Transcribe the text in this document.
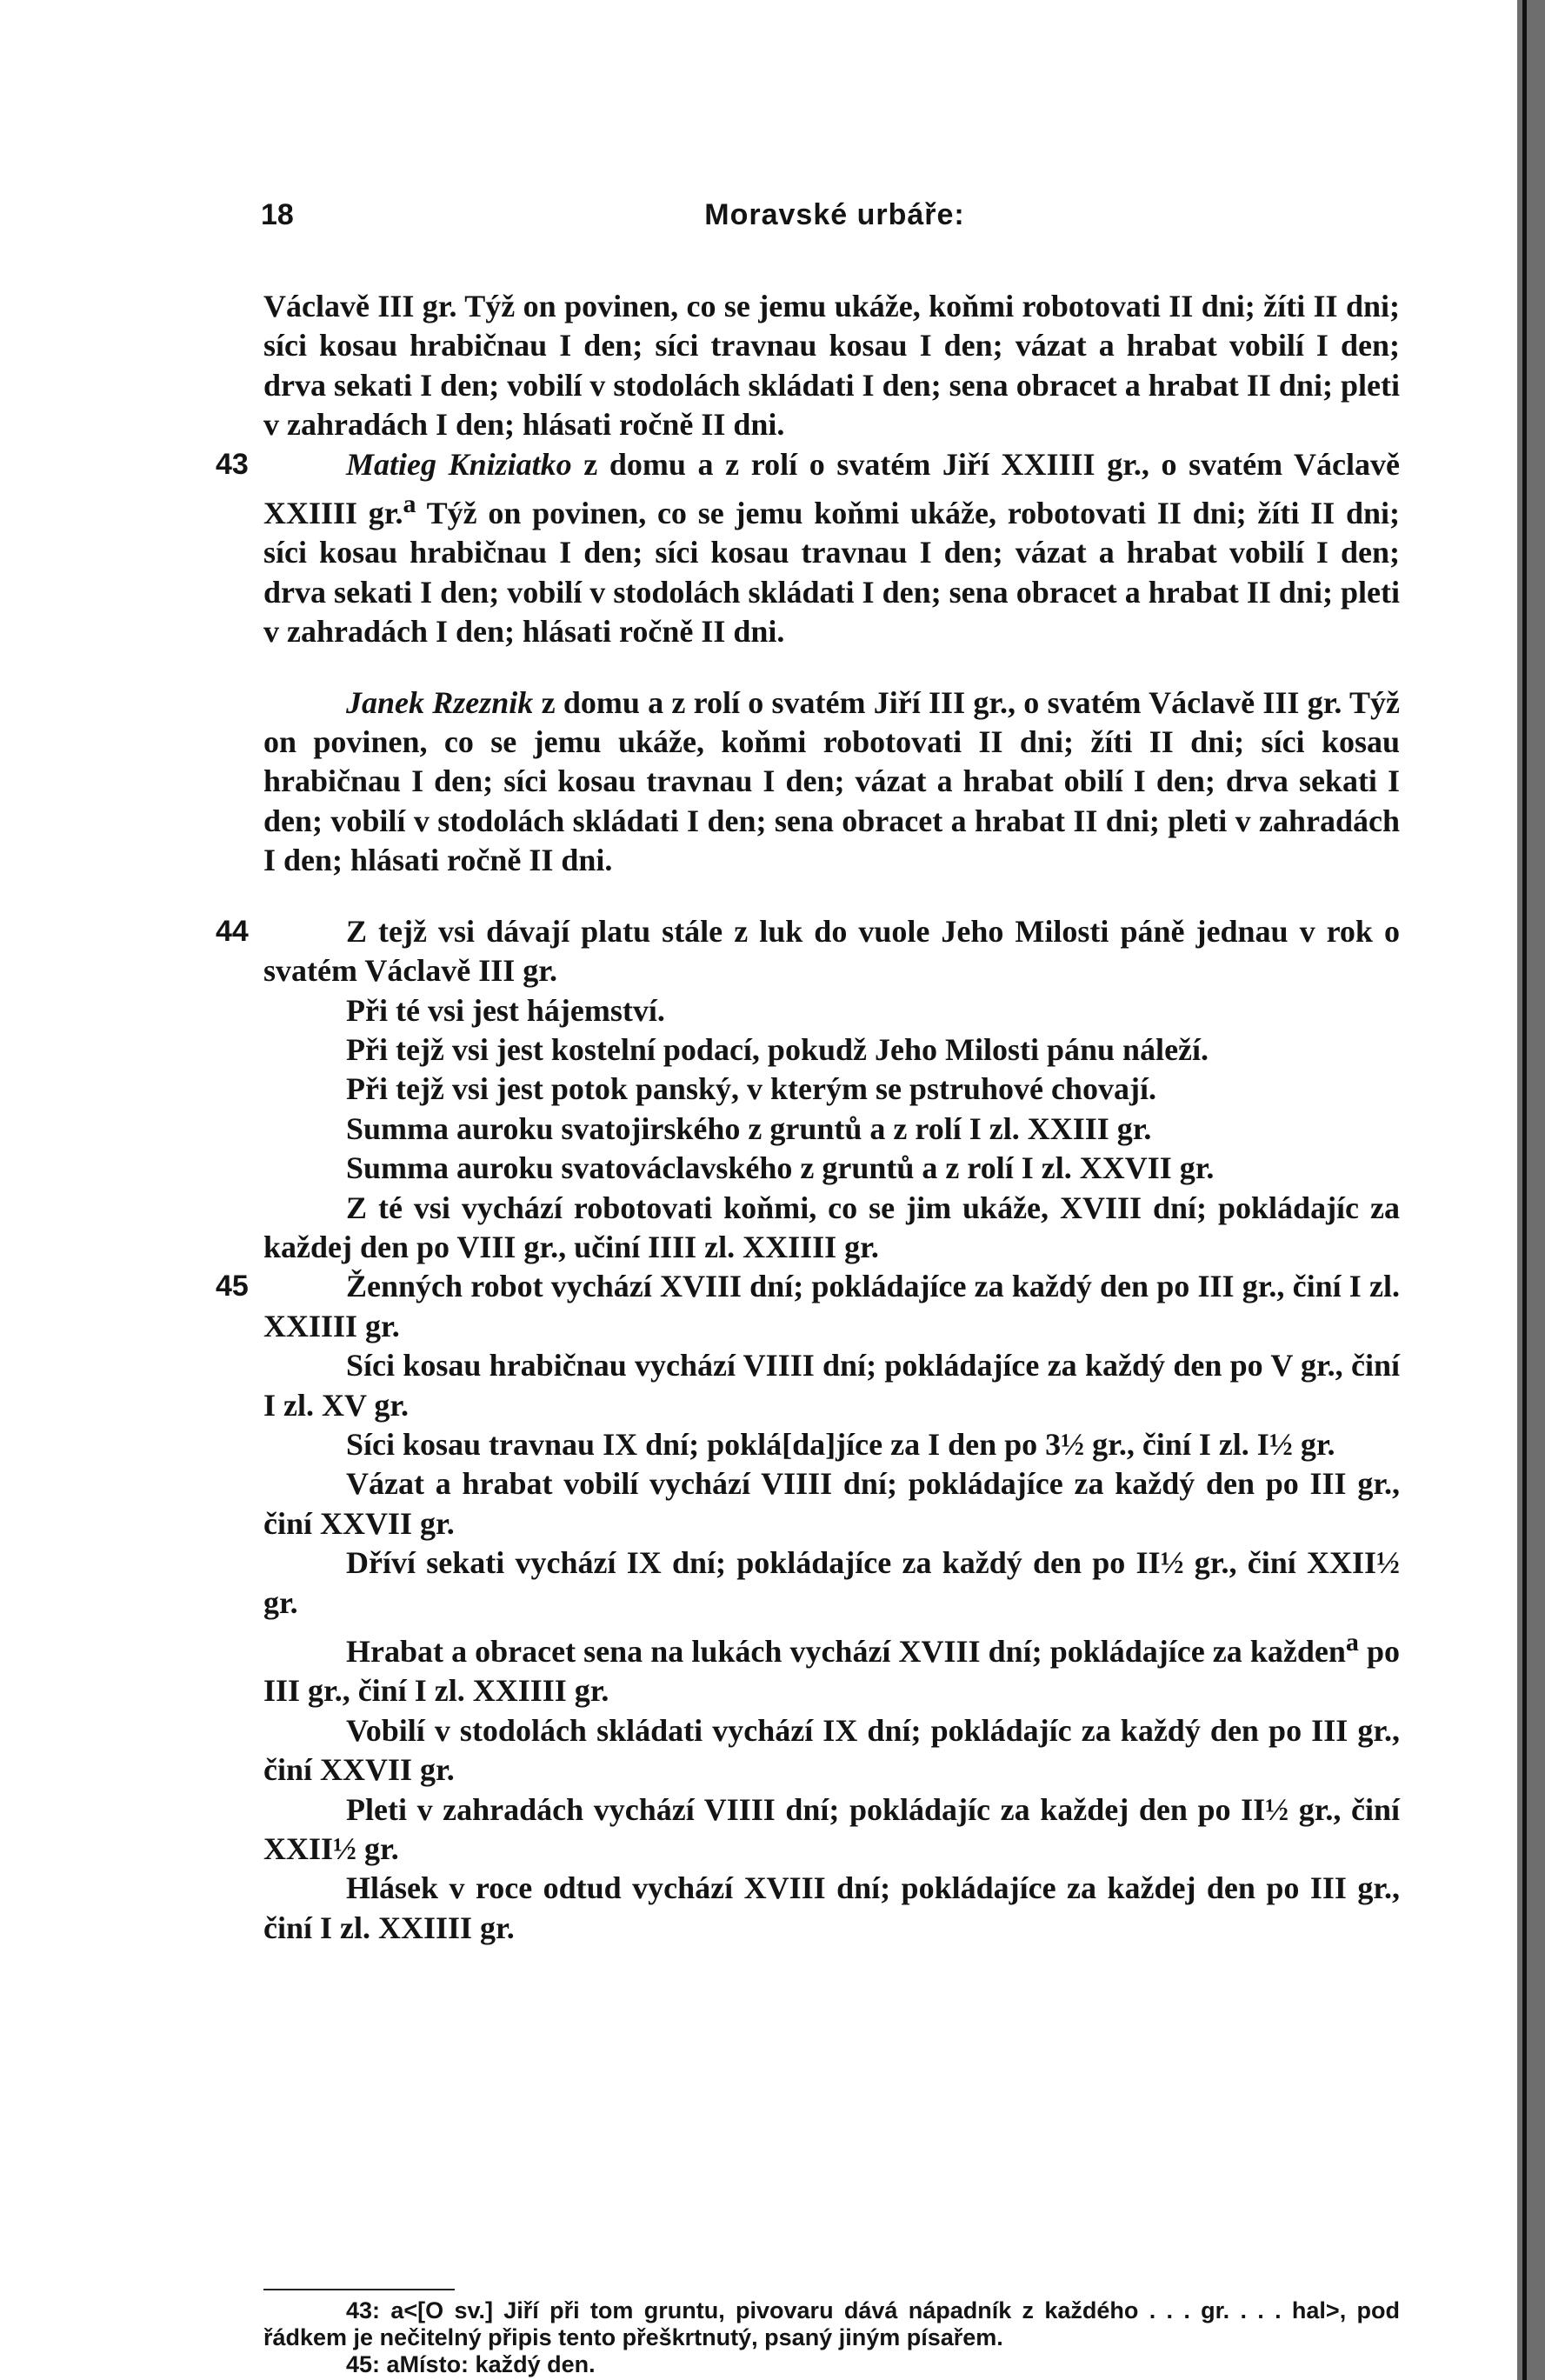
18	Moravské urbáře:

Václavě III gr. Týž on povinen, co se jemu ukáže, koňmi robotovati II dni; žíti II dni; síci kosau hrabičnau I den; síci travnau kosau I den; vázat a hrabat vobilí I den; drva sekati I den; vobilí v stodolách skládati I den; sena obracet a hrabat II dni; pleti v zahradách I den; hlásati ročně II dni.

43	Matieg Kniziatko z domu a z rolí o svatém Jiří XXIIII gr., o svatém Václavě XXIIII gr.$^a$ Týž on povinen, co se jemu koňmi ukáže, robotovati II dni; žíti II dni; síci kosau hrabičnau I den; síci kosau travnau I den; vázat a hrabat vobilí I den; drva sekati I den; vobilí v stodolách skládati I den; sena obracet a hrabat II dni; pleti v zahradách I den; hlásati ročně II dni.

Janek Rzeznik z domu a z rolí o svatém Jiří III gr., o svatém Václavě III gr. Týž on povinen, co se jemu ukáže, koňmi robotovati II dni; žíti II dni; síci kosau hrabičnau I den; síci kosau travnau I den; vázat a hrabat obilí I den; drva sekati I den; vobilí v stodolách skládati I den; sena obracet a hrabat II dni; pleti v zahradách I den; hlásati ročně II dni.

44	Z tejž vsi dávají platu stále z luk do vuole Jeho Milosti páně jednau v rok o svatém Václavě III gr.

Při té vsi jest hájemství.

Při tejž vsi jest kostelní podací, pokudž Jeho Milosti pánu náleží.

Při tejž vsi jest potok panský, v kterým se pstruhové chovají.

Summa auroku svatojirského z gruntů a z rolí I zl. XXIII gr.

Summa auroku svatováclavského z gruntů a z rolí I zl. XXVII gr.

Z té vsi vychází robotovati koňmi, co se jim ukáže, XVIII dní; pokládajíc za každej den po VIII gr., učiní IIII zl. XXIIII gr.

45	Ženných robot vychází XVIII dní; pokládajíce za každý den po III gr., činí I zl. XXIIII gr.

Síci kosau hrabičnau vychází VIIII dní; pokládajíce za každý den po V gr., činí I zl. XV gr.

Síci kosau travnau IX dní; poklá[da]jíce za I den po 3½ gr., činí I zl. I½ gr.

Vázat a hrabat vobilí vychází VIIII dní; pokládajíce za každý den po III gr., činí XXVII gr.

Dříví sekati vychází IX dní; pokládajíce za každý den po II½ gr., činí XXII½ gr.

Hrabat a obracet sena na lukách vychází XVIII dní; pokládajíce za každen$^a$ po III gr., činí I zl. XXIIII gr.

Vobilí v stodolách skládati vychází IX dní; pokládajíc za každý den po III gr., činí XXVII gr.

Pleti v zahradách vychází VIIII dní; pokládajíc za každej den po II½ gr., činí XXII½ gr.

Hlásek v roce odtud vychází XVIII dní; pokládajíce za každej den po III gr., činí I zl. XXIIII gr.

43: a<[O sv.] Jiří při tom gruntu, pivovaru dává nápadník z každého . . . gr. . . . hal>, pod řádkem je nečitelný připis tento přeškrtnutý, psaný jiným písařem.

45: aMísto: každý den.
